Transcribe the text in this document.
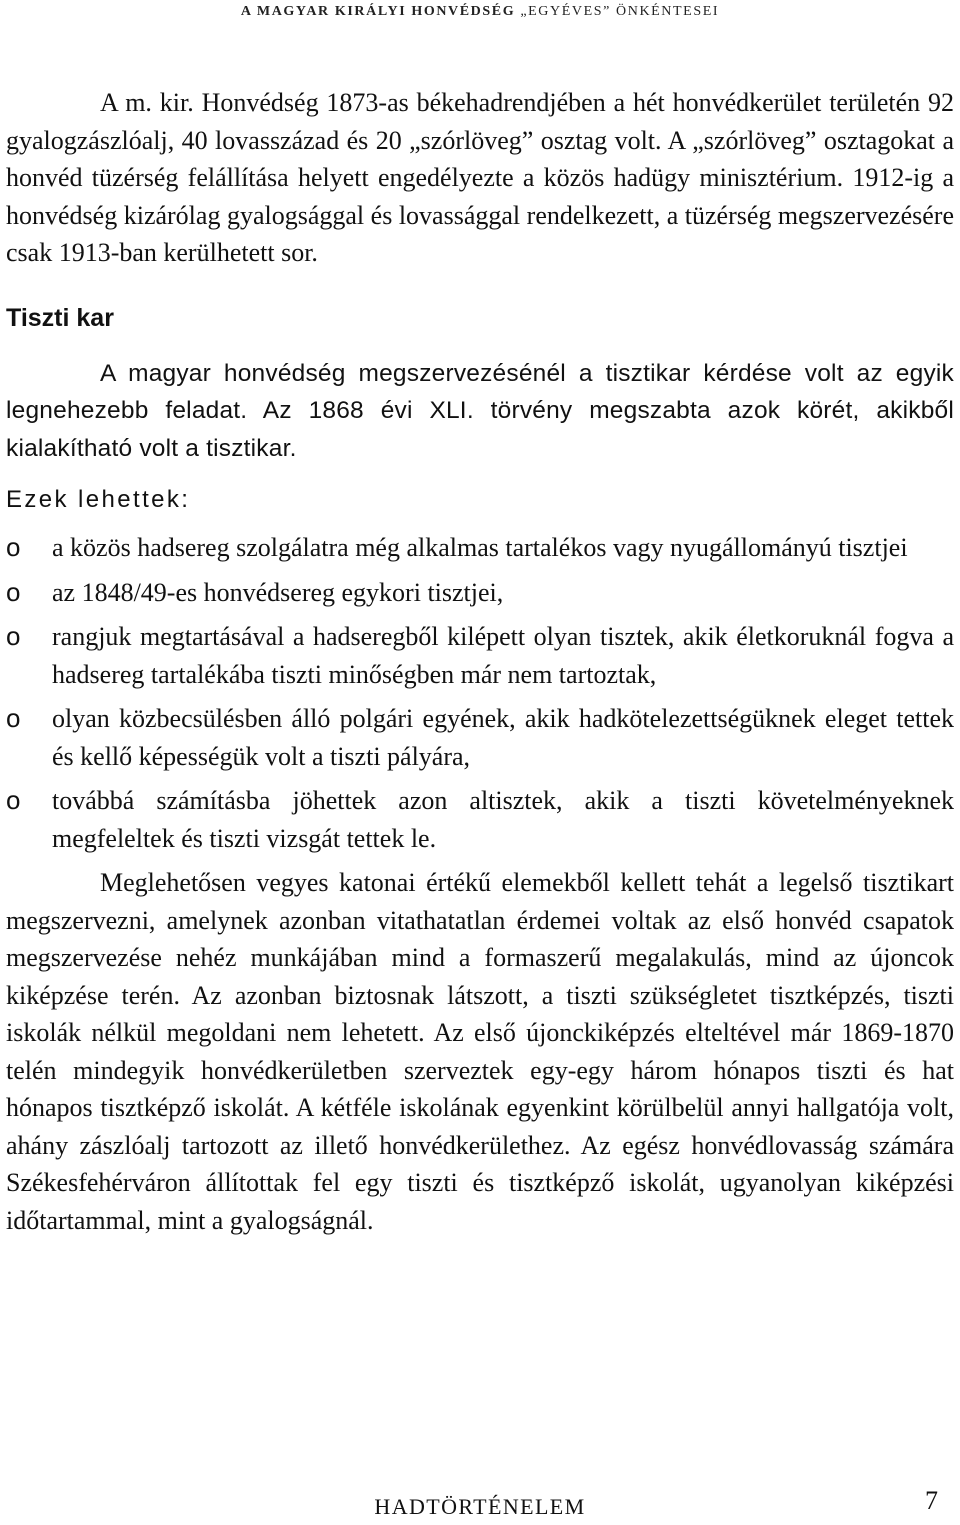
A MAGYAR KIRÁLYI HONVÉDSÉG „EGYÉVES” ÖNKÉNTESEI

A m. kir. Honvédség 1873-as békehadrendjében a hét honvédkerület területén 92 gyalogzászlóalj, 40 lovasszázad és 20 „szórlöveg” osztag volt. A „szórlöveg” osztagokat a honvéd tüzérség felállítása helyett engedélyezte a közös hadügy minisztérium. 1912-ig a honvédség kizárólag gyalogsággal és lovassággal rendelkezett, a tüzérség megszervezésére csak 1913-ban kerülhetett sor.

Tiszti kar

A magyar honvédség megszervezésénél a tisztikar kérdése volt az egyik legnehezebb feladat. Az 1868 évi XLI. törvény megszabta azok körét, akikből kialakítható volt a tisztikar.

Ezek lehettek:
o a közös hadsereg szolgálatra még alkalmas tartalékos vagy nyugállományú tisztjei
o az 1848/49-es honvédsereg egykori tisztjei,
o rangjuk megtartásával a hadseregből kilépett olyan tisztek, akik életkoruknál fogva a hadsereg tartalékába tiszti minőségben már nem tartoztak,
o olyan közbecsülésben álló polgári egyének, akik hadkötelezettségüknek eleget tettek és kellő képességük volt a tiszti pályára,
o továbbá számításba jöhettek azon altisztek, akik a tiszti követelményeknek megfeleltek és tiszti vizsgát tettek le.

Meglehetősen vegyes katonai értékű elemekből kellett tehát a legelső tisztikart megszervezni, amelynek azonban vitathatatlan érdemei voltak az első honvéd csapatok megszervezése nehéz munkájában mind a formaszerű megalakulás, mind az újoncok kiképzése terén. Az azonban biztosnak látszott, a tiszti szükségletet tisztképzés, tiszti iskolák nélkül megoldani nem lehetett. Az első újonckiképzés elteltével már 1869-1870 telén mindegyik honvédkerületben szerveztek egy-egy három hónapos tiszti és hat hónapos tisztképző iskolát. A kétféle iskolának egyenkint körülbelül annyi hallgatója volt, ahány zászlóalj tartozott az illető honvédkerülethez. Az egész honvédlovasság számára Székesfehérváron állítottak fel egy tiszti és tisztképző iskolát, ugyanolyan kiképzési időtartammal, mint a gyalogságnál.

HADTÖRTÉNELEM	7
